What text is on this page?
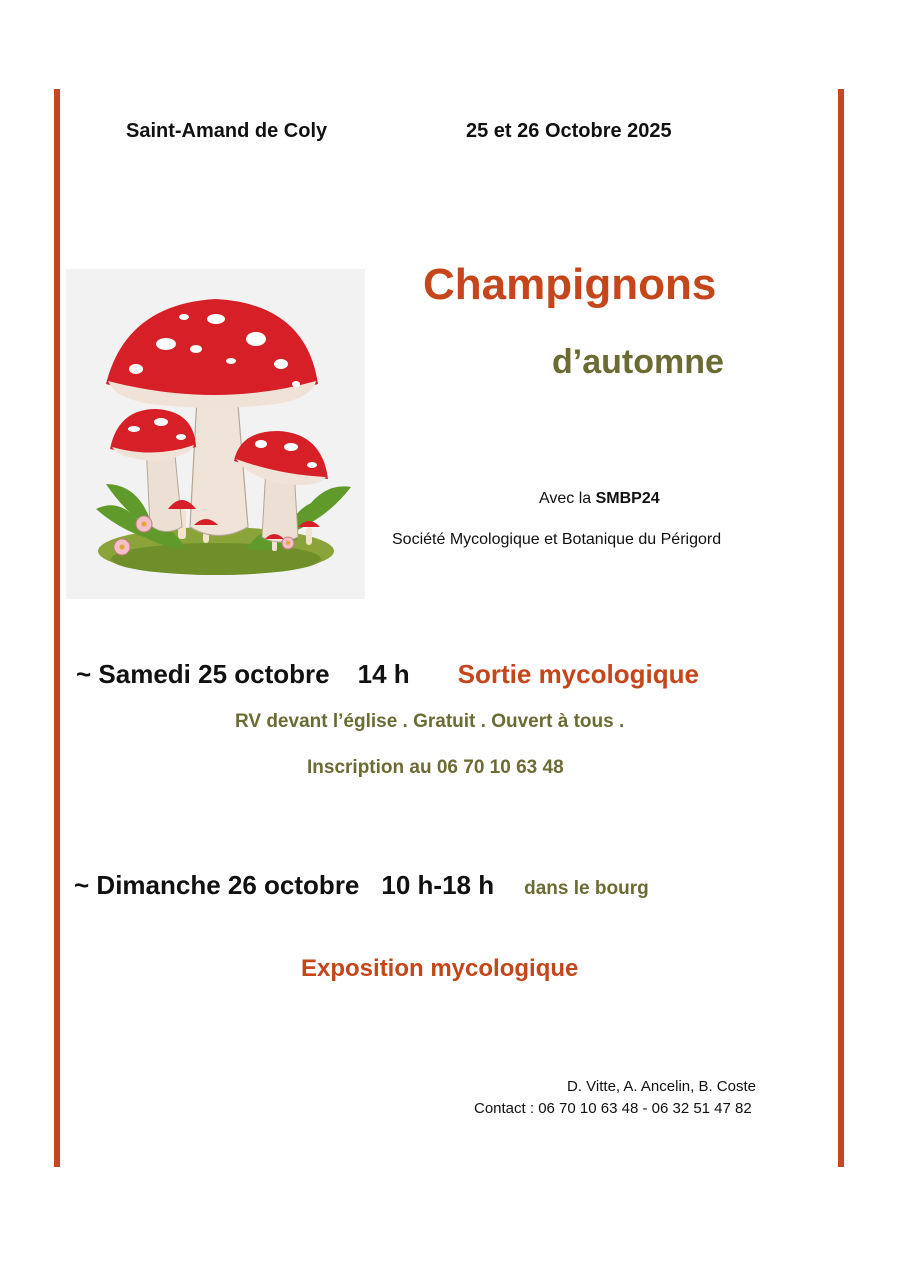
Saint-Amand de Coly	25 et 26 Octobre 2025
Champignons
d’automne
Avec la SMBP24
Société Mycologique et Botanique du Périgord
~ Samedi 25 octobre 14 h Sortie mycologique
RV devant l’église . Gratuit . Ouvert à tous .
Inscription au 06 70 10 63 48
~ Dimanche 26 octobre 10 h-18 h dans le bourg
Exposition mycologique
D. Vitte, A. Ancelin, B. Coste
Contact : 06 70 10 63 48 - 06 32 51 47 82
